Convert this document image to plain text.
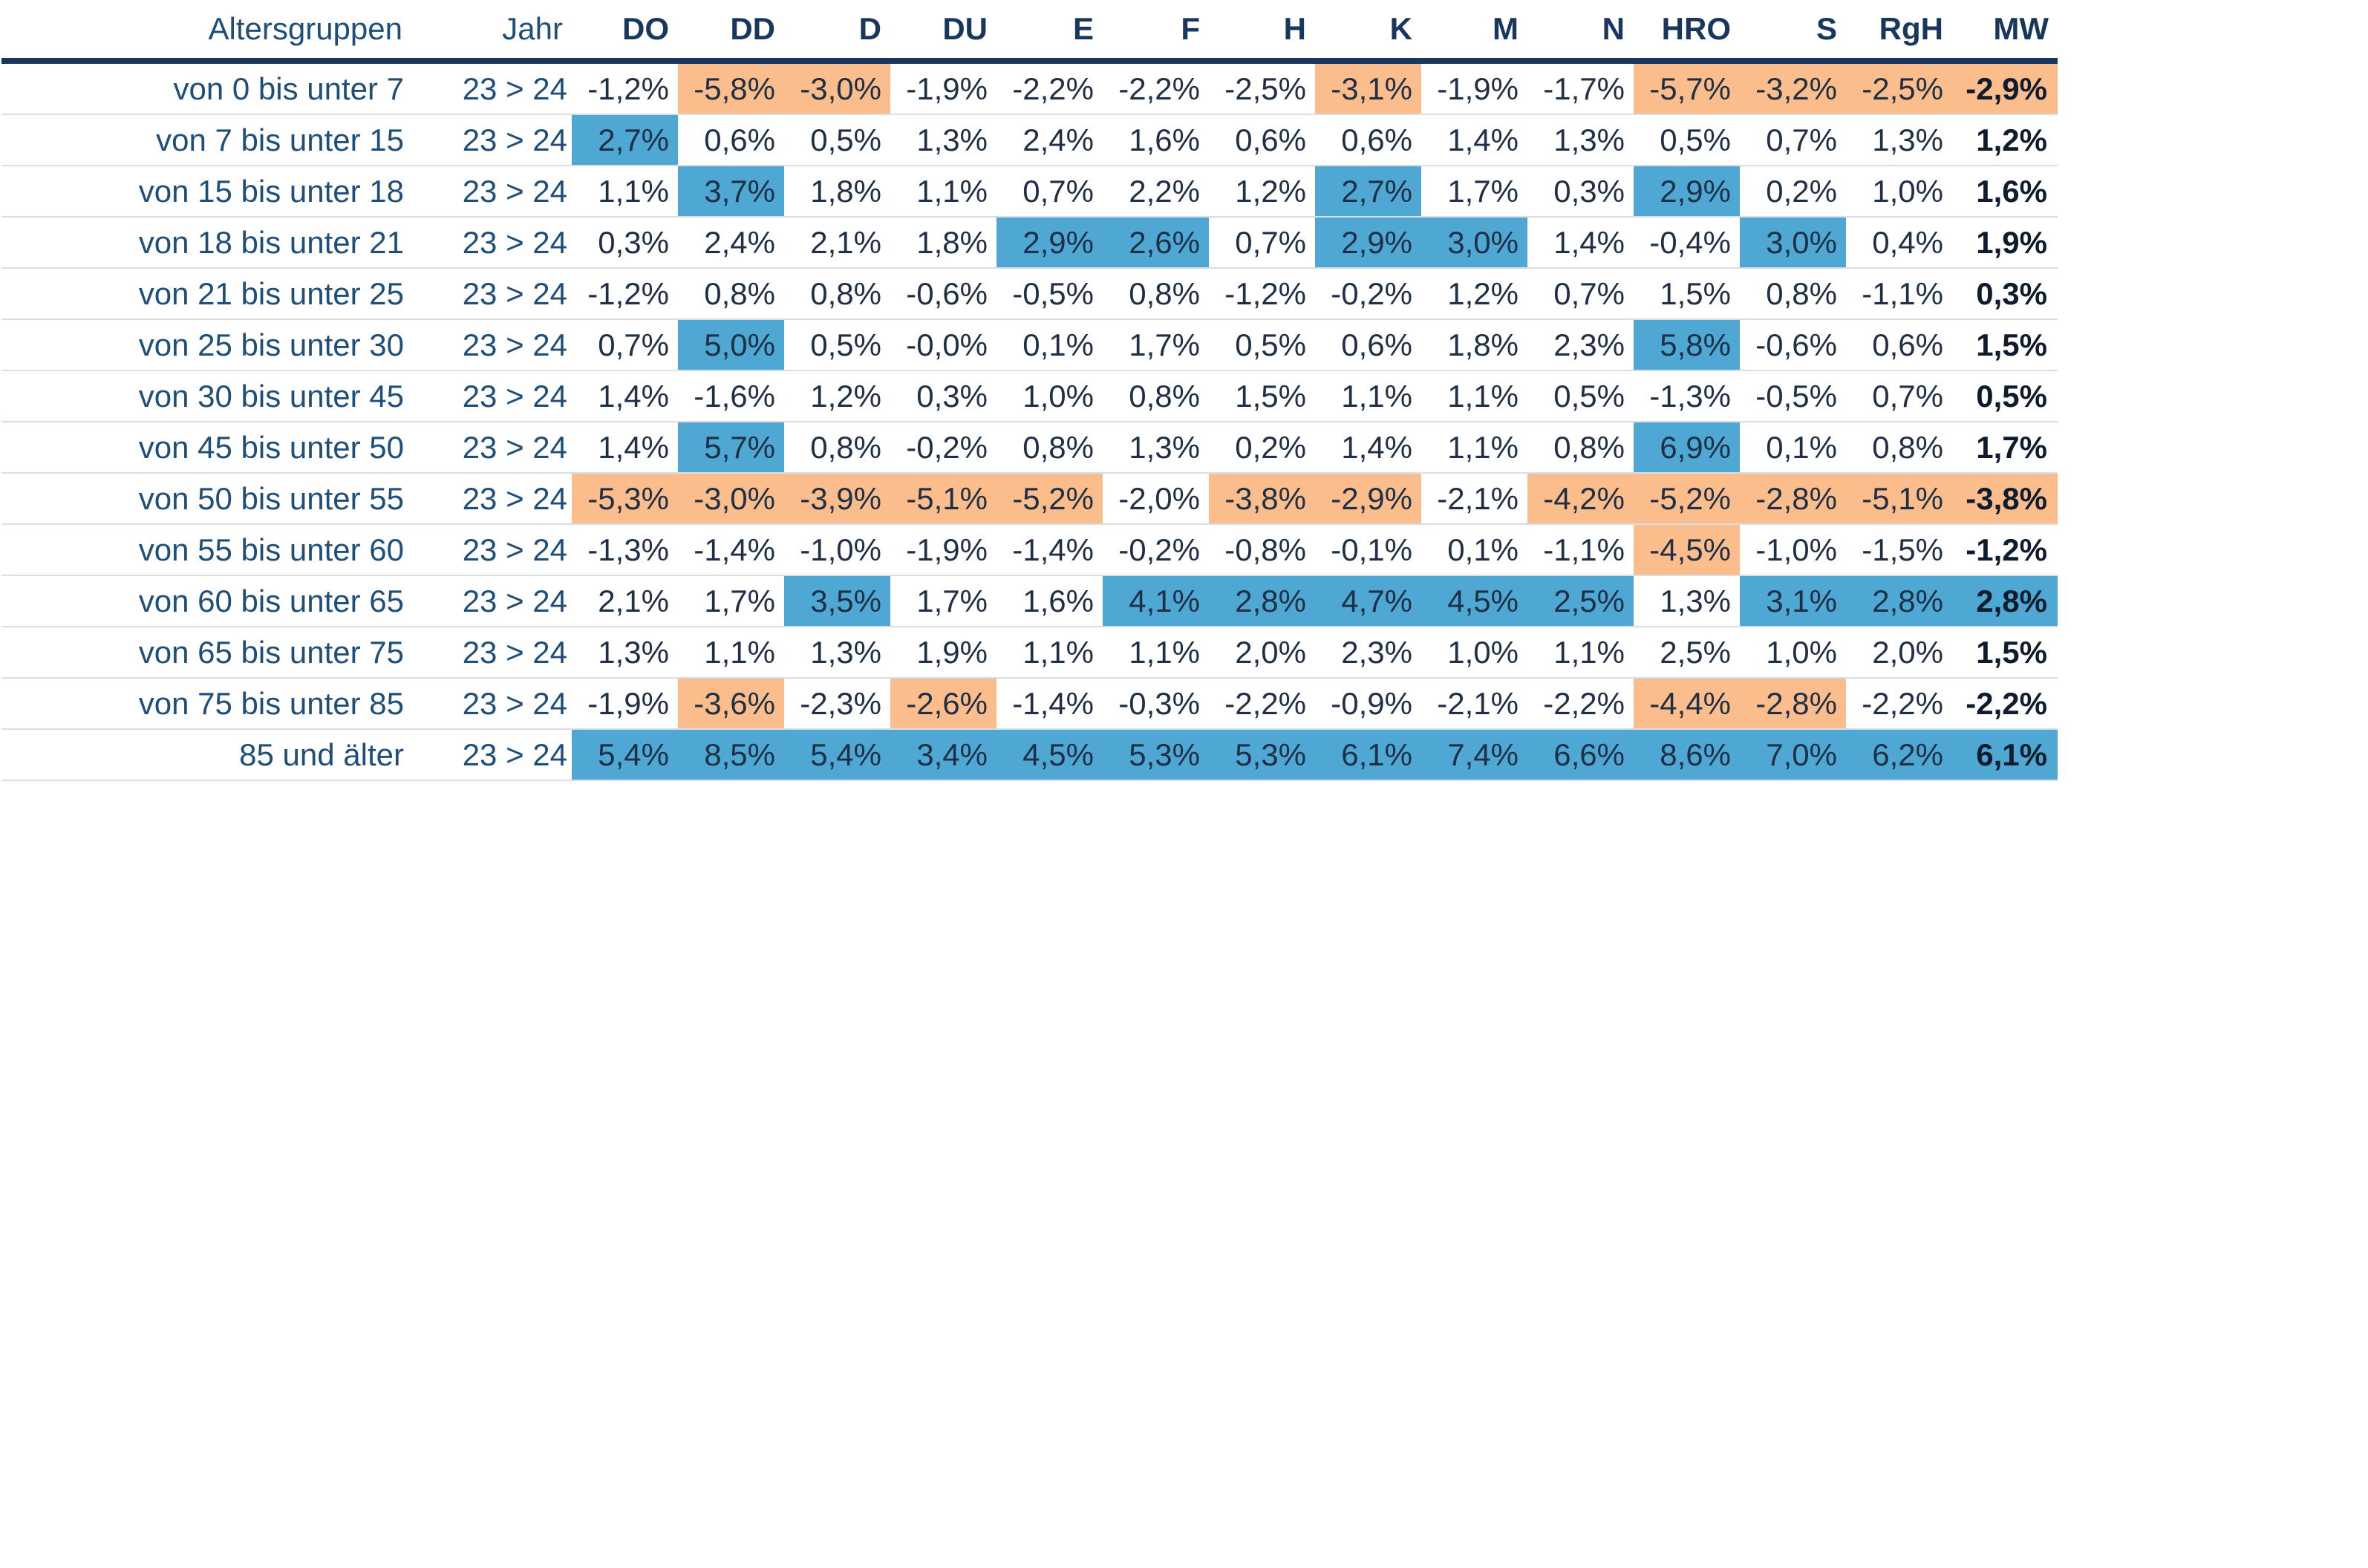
Altersgruppen	Jahr	DO	DD	D	DU	E	F	H	K	M	N	HRO	S	RgH	MW
von 0 bis unter 7	23 > 24	-1,2%	-5,8%	-3,0%	-1,9%	-2,2%	-2,2%	-2,5%	-3,1%	-1,9%	-1,7%	-5,7%	-3,2%	-2,5%	-2,9%
von 7 bis unter 15	23 > 24	2,7%	0,6%	0,5%	1,3%	2,4%	1,6%	0,6%	0,6%	1,4%	1,3%	0,5%	0,7%	1,3%	1,2%
von 15 bis unter 18	23 > 24	1,1%	3,7%	1,8%	1,1%	0,7%	2,2%	1,2%	2,7%	1,7%	0,3%	2,9%	0,2%	1,0%	1,6%
von 18 bis unter 21	23 > 24	0,3%	2,4%	2,1%	1,8%	2,9%	2,6%	0,7%	2,9%	3,0%	1,4%	-0,4%	3,0%	0,4%	1,9%
von 21 bis unter 25	23 > 24	-1,2%	0,8%	0,8%	-0,6%	-0,5%	0,8%	-1,2%	-0,2%	1,2%	0,7%	1,5%	0,8%	-1,1%	0,3%
von 25 bis unter 30	23 > 24	0,7%	5,0%	0,5%	-0,0%	0,1%	1,7%	0,5%	0,6%	1,8%	2,3%	5,8%	-0,6%	0,6%	1,5%
von 30 bis unter 45	23 > 24	1,4%	-1,6%	1,2%	0,3%	1,0%	0,8%	1,5%	1,1%	1,1%	0,5%	-1,3%	-0,5%	0,7%	0,5%
von 45 bis unter 50	23 > 24	1,4%	5,7%	0,8%	-0,2%	0,8%	1,3%	0,2%	1,4%	1,1%	0,8%	6,9%	0,1%	0,8%	1,7%
von 50 bis unter 55	23 > 24	-5,3%	-3,0%	-3,9%	-5,1%	-5,2%	-2,0%	-3,8%	-2,9%	-2,1%	-4,2%	-5,2%	-2,8%	-5,1%	-3,8%
von 55 bis unter 60	23 > 24	-1,3%	-1,4%	-1,0%	-1,9%	-1,4%	-0,2%	-0,8%	-0,1%	0,1%	-1,1%	-4,5%	-1,0%	-1,5%	-1,2%
von 60 bis unter 65	23 > 24	2,1%	1,7%	3,5%	1,7%	1,6%	4,1%	2,8%	4,7%	4,5%	2,5%	1,3%	3,1%	2,8%	2,8%
von 65 bis unter 75	23 > 24	1,3%	1,1%	1,3%	1,9%	1,1%	1,1%	2,0%	2,3%	1,0%	1,1%	2,5%	1,0%	2,0%	1,5%
von 75 bis unter 85	23 > 24	-1,9%	-3,6%	-2,3%	-2,6%	-1,4%	-0,3%	-2,2%	-0,9%	-2,1%	-2,2%	-4,4%	-2,8%	-2,2%	-2,2%
85 und älter	23 > 24	5,4%	8,5%	5,4%	3,4%	4,5%	5,3%	5,3%	6,1%	7,4%	6,6%	8,6%	7,0%	6,2%	6,1%
